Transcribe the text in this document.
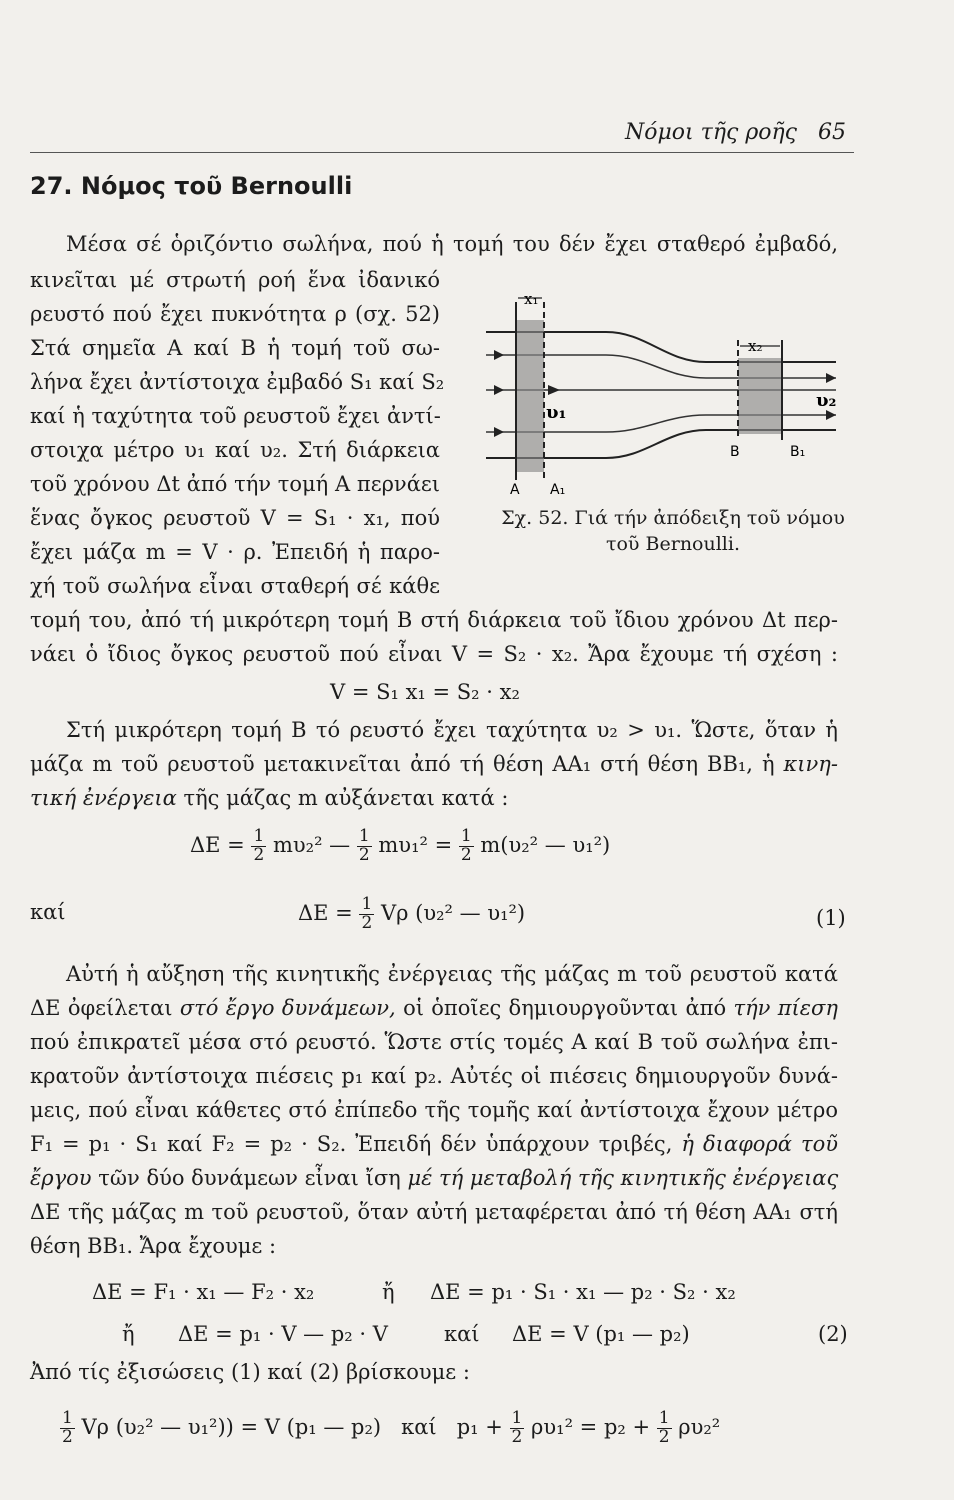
Νόμοι τῆς ροῆς 65
27. Νόμος τοῦ Bernoulli
Μέσα σέ ὁριζόντιο σωλήνα, πού ἡ τομή του δέν ἔχει σταθερό ἐμβαδό,
κινεῖται μέ στρωτή ροή ἕνα ἰδανικό
ρευστό πού ἔχει πυκνότητα ρ (σχ. 52)
Στά σημεῖα Α καί Β ἡ τομή τοῦ σω-
λήνα ἔχει ἀντίστοιχα ἐμβαδό S₁ καί S₂
καί ἡ ταχύτητα τοῦ ρευστοῦ ἔχει ἀντί-
στοιχα μέτρο υ₁ καί υ₂. Στή διάρκεια
τοῦ χρόνου Δt ἀπό τήν τομή Α περνάει
ἕνας ὄγκος ρευστοῦ V = S₁ · x₁, πού
ἔχει μάζα m = V · ρ. Ἐπειδή ἡ παρο-
χή τοῦ σωλήνα εἶναι σταθερή σέ κάθε
τομή του, ἀπό τή μικρότερη τομή Β στή διάρκεια τοῦ ἴδιου χρόνου Δt περ-
νάει ὁ ἴδιος ὄγκος ρευστοῦ πού εἶναι V = S₂ · x₂. Ἄρα ἔχουμε τή σχέση :
x₁
x₂
υ₁
υ₂
A A₁
B	B₁
Σχ. 52. Γιά τήν ἀπόδειξη τοῦ νόμου
τοῦ Bernoulli.
V = S₁ x₁ = S₂ · x₂
Στή μικρότερη τομή Β τό ρευστό ἔχει ταχύτητα υ₂ > υ₁. Ὥστε, ὅταν ἡ
μάζα m τοῦ ρευστοῦ μετακινεῖται ἀπό τή θέση ΑΑ₁ στή θέση ΒΒ₁, ἡ κινη-
τική ἐνέργεια τῆς μάζας m αὐξάνεται κατά :
$\Delta E = \frac{1}{2} m\upsilon_2^2$ — $\frac{1}{2} m\upsilon_1^2 = \frac{1}{2} m(\upsilon_2^2$ — υ₁²)
καί	$\Delta E = \frac{1}{2}$ Vρ (υ₂² — υ₁²)	(1)
Αὐτή ἡ αὔξηση τῆς κινητικῆς ἐνέργειας τῆς μάζας m τοῦ ρευστοῦ κατά
ΔΕ ὀφείλεται στό ἔργο δυνάμεων, οἱ ὁποῖες δημιουργοῦνται ἀπό τήν πίεση
πού ἐπικρατεῖ μέσα στό ρευστό. Ὥστε στίς τομές Α καί Β τοῦ σωλήνα ἐπι-
κρατοῦν ἀντίστοιχα πιέσεις p₁ καί p₂. Αὐτές οἱ πιέσεις δημιουργοῦν δυνά-
μεις, πού εἶναι κάθετες στό ἐπίπεδο τῆς τομῆς καί ἀντίστοιχα ἔχουν μέτρο
F₁ = p₁ · S₁ καί F₂ = p₂ · S₂. Ἐπειδή δέν ὑπάρχουν τριβές, ἡ διαφορά τοῦ
ἔργου τῶν δύο δυνάμεων εἶναι ἴση μέ τή μεταβολή τῆς κινητικῆς ἐνέργειας
ΔΕ τῆς μάζας m τοῦ ρευστοῦ, ὅταν αὐτή μεταφέρεται ἀπό τή θέση ΑΑ₁ στή
θέση ΒΒ₁. Ἄρα ἔχουμε :
ΔΕ = F₁ · x₁ — F₂ · x₂	ἤ ΔΕ = p₁ · S₁ · x₁ — p₂ · S₂ · x₂
ἤ ΔΕ = p₁ · V — p₂ · V	καί ΔΕ = V (p₁ — p₂)	(2)
Ἀπό τίς ἐξισώσεις (1) καί (2) βρίσκουμε :
$\frac{1}{2}$ Vρ (υ₂² — υ₁²)) = V (p₁ — p₂) καί $p_1 + \frac{1}{2} \rho\upsilon_1^2 = p_2 + \frac{1}{2} \rho\upsilon_2^2$
